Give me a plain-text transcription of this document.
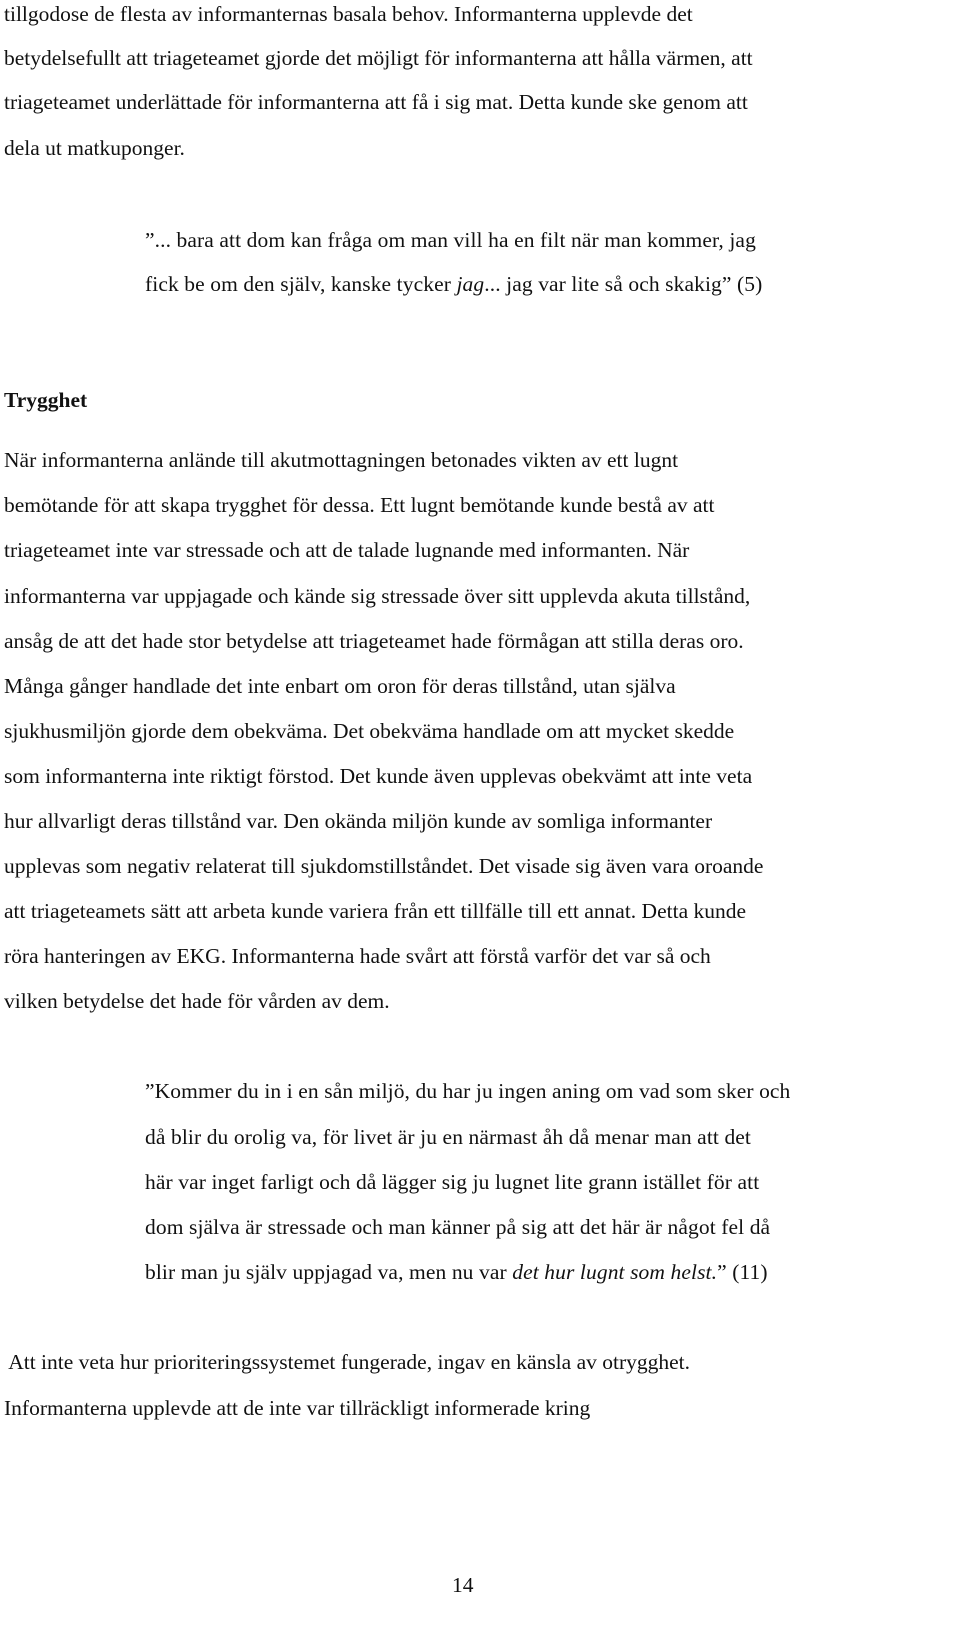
tillgodose de flesta av informanternas basala behov. Informanterna upplevde det
betydelsefullt att triageteamet gjorde det möjligt för informanterna att hålla värmen, att
triageteamet underlättade för informanterna att få i sig mat. Detta kunde ske genom att
dela ut matkuponger.
”... bara att dom kan fråga om man vill ha en filt när man kommer, jag
fick be om den själv, kanske tycker jag... jag var lite så och skakig” (5)
Trygghet
När informanterna anlände till akutmottagningen betonades vikten av ett lugnt
bemötande för att skapa trygghet för dessa. Ett lugnt bemötande kunde bestå av att
triageteamet inte var stressade och att de talade lugnande med informanten. När
informanterna var uppjagade och kände sig stressade över sitt upplevda akuta tillstånd,
ansåg de att det hade stor betydelse att triageteamet hade förmågan att stilla deras oro.
Många gånger handlade det inte enbart om oron för deras tillstånd, utan själva
sjukhusmiljön gjorde dem obekväma. Det obekväma handlade om att mycket skedde
som informanterna inte riktigt förstod. Det kunde även upplevas obekvämt att inte veta
hur allvarligt deras tillstånd var. Den okända miljön kunde av somliga informanter
upplevas som negativ relaterat till sjukdomstillståndet. Det visade sig även vara oroande
att triageteamets sätt att arbeta kunde variera från ett tillfälle till ett annat. Detta kunde
röra hanteringen av EKG. Informanterna hade svårt att förstå varför det var så och
vilken betydelse det hade för vården av dem.
”Kommer du in i en sån miljö, du har ju ingen aning om vad som sker och
då blir du orolig va, för livet är ju en närmast åh då menar man att det
här var inget farligt och då lägger sig ju lugnet lite grann istället för att
dom själva är stressade och man känner på sig att det här är något fel då
blir man ju själv uppjagad va, men nu var det hur lugnt som helst.” (11)
Att inte veta hur prioriteringssystemet fungerade, ingav en känsla av otrygghet.
Informanterna upplevde att de inte var tillräckligt informerade kring
14
